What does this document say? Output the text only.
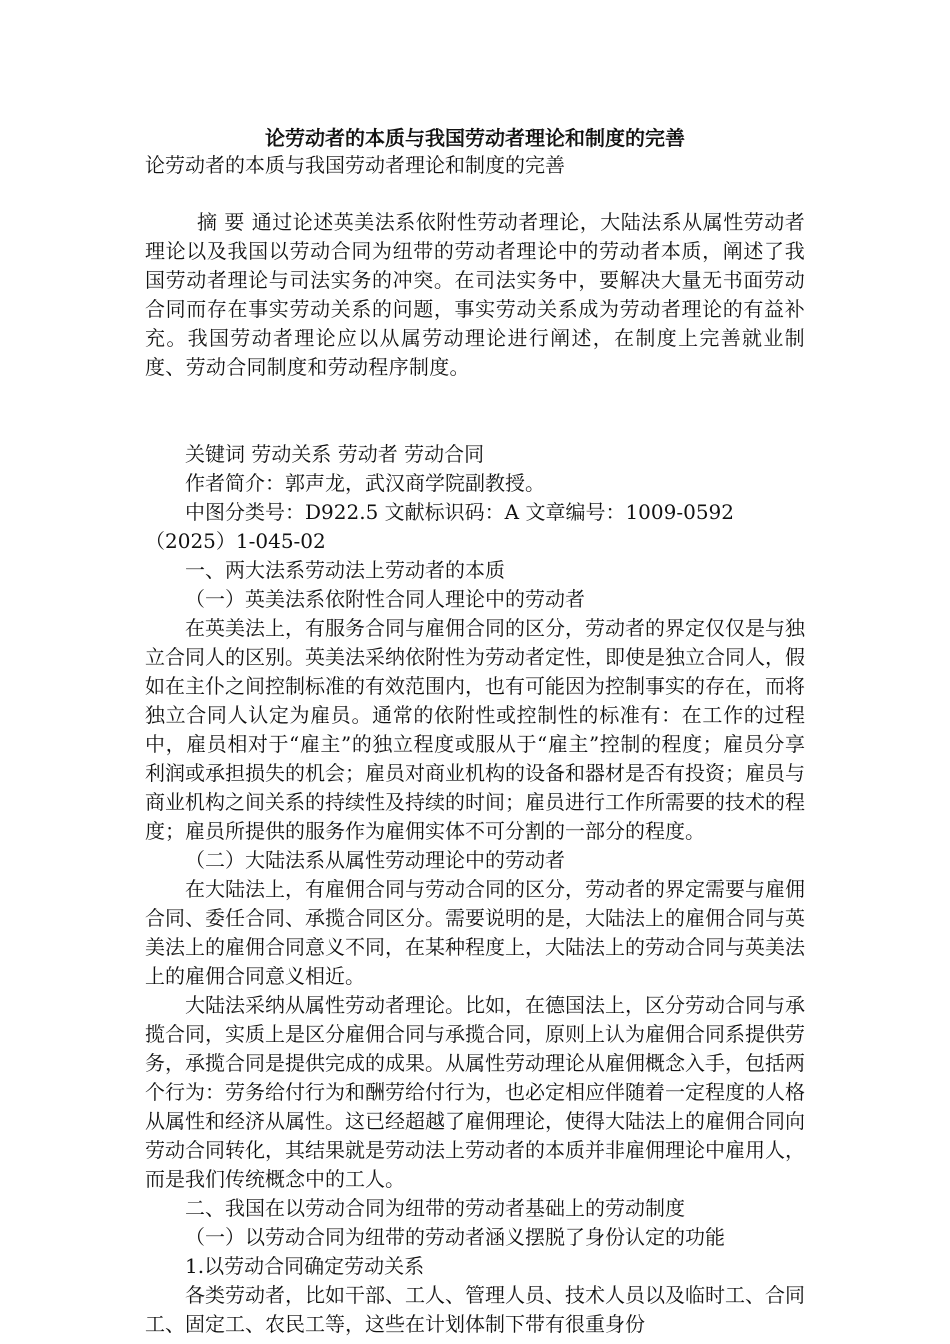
论劳动者的本质与我国劳动者理论和制度的完善

论劳动者的本质与我国劳动者理论和制度的完善

摘 要 通过论述英美法系依附性劳动者理论，大陆法系从属性劳动者理论以及我国以劳动合同为纽带的劳动者理论中的劳动者本质，阐述了我国劳动者理论与司法实务的冲突。在司法实务中，要解决大量无书面劳动合同而存在事实劳动关系的问题，事实劳动关系成为劳动者理论的有益补充。我国劳动者理论应以从属劳动理论进行阐述，在制度上完善就业制度、劳动合同制度和劳动程序制度。

关键词 劳动关系 劳动者 劳动合同

作者简介：郭声龙，武汉商学院副教授。

中图分类号：D922.5 文献标识码：A 文章编号：1009-0592（2025）1-045-02

一、两大法系劳动法上劳动者的本质

（一）英美法系依附性合同人理论中的劳动者

在英美法上，有服务合同与雇佣合同的区分，劳动者的界定仅仅是与独立合同人的区别。英美法采纳依附性为劳动者定性，即使是独立合同人，假如在主仆之间控制标准的有效范围内，也有可能因为控制事实的存在，而将独立合同人认定为雇员。通常的依附性或控制性的标准有：在工作的过程中，雇员相对于“雇主”的独立程度或服从于“雇主”控制的程度；雇员分享利润或承担损失的机会；雇员对商业机构的设备和器材是否有投资；雇员与商业机构之间关系的持续性及持续的时间；雇员进行工作所需要的技术的程度；雇员所提供的服务作为雇佣实体不可分割的一部分的程度。

（二）大陆法系从属性劳动理论中的劳动者

在大陆法上，有雇佣合同与劳动合同的区分，劳动者的界定需要与雇佣合同、委任合同、承揽合同区分。需要说明的是，大陆法上的雇佣合同与英美法上的雇佣合同意义不同，在某种程度上，大陆法上的劳动合同与英美法上的雇佣合同意义相近。

大陆法采纳从属性劳动者理论。比如，在德国法上，区分劳动合同与承揽合同，实质上是区分雇佣合同与承揽合同，原则上认为雇佣合同系提供劳务，承揽合同是提供完成的成果。从属性劳动理论从雇佣概念入手，包括两个行为：劳务给付行为和酬劳给付行为，也必定相应伴随着一定程度的人格从属性和经济从属性。这已经超越了雇佣理论，使得大陆法上的雇佣合同向劳动合同转化，其结果就是劳动法上劳动者的本质并非雇佣理论中雇用人，而是我们传统概念中的工人。

二、我国在以劳动合同为纽带的劳动者基础上的劳动制度

（一）以劳动合同为纽带的劳动者涵义摆脱了身份认定的功能

1.以劳动合同确定劳动关系

各类劳动者，比如干部、工人、管理人员、技术人员以及临时工、合同工、固定工、农民工等，这些在计划体制下带有很重身份
